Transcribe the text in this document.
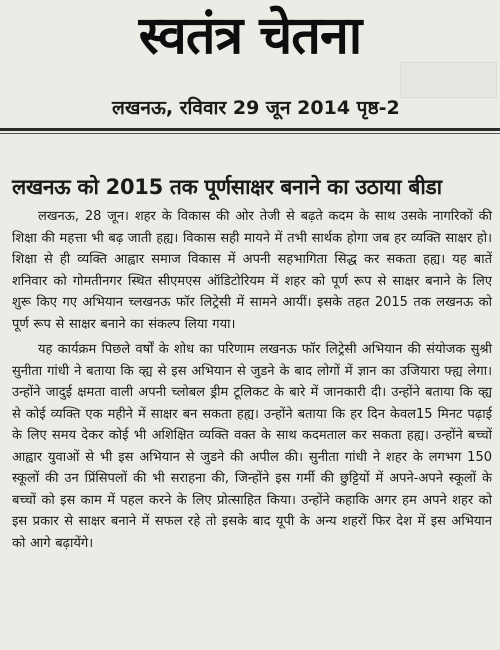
स्वतंत्र चेतना
लखनऊ, रविवार 29 जून 2014 पृष्ठ-2
लखनऊ को 2015 तक पूर्णसाक्षर बनाने का उठाया बीडा

लखनऊ, 28 जून। शहर के विकास की ओर तेजी से बढ़ते कदम के साथ उसके नागरिकों की शिक्षा की महत्ता भी बढ़ जाती हह्य। विकास सही मायने में तभी सार्थक होगा जब हर व्यक्ति साक्षर हो। शिक्षा से ही व्यक्ति आह्वार समाज विकास में अपनी सहभागिता सिद्ध कर सकता हह्य। यह बातें शनिवार को गोमतीनगर स्थित सीएमएस ऑडिटोरियम में शहर को पूर्ण रूप से साक्षर बनाने के लिए शुरू किए गए अभियान च्लखनऊ फॉर लिट्रेसी में सामने आयीं। इसके तहत 2015 तक लखनऊ को पूर्ण रूप से साक्षर बनाने का संकल्प लिया गया।

यह कार्यक्रम पिछले वर्षों के शोध का परिणाम लखनऊ फॉर लिट्रेसी अभियान की संयोजक सुश्री सुनीता गांधी ने बताया कि व्ह्य से इस अभियान से जुडने के बाद लोगों में ज्ञान का उजियारा फ्ह्य लेगा। उन्होंने जादुई क्षमता वाली अपनी च्लोबल ड्रीम टूलिकट के बारे में जानकारी दी। उन्होंने बताया कि व्ह्य से कोई व्यक्ति एक महीने में साक्षर बन सकता हह्य। उन्होंने बताया कि हर दिन केवल15 मिनट पढ़ाई के लिए समय देकर कोई भी अशिक्षित व्यक्ति वक्त के साथ कदमताल कर सकता हह्य। उन्होंने बच्चों आह्वार युवाओं से भी इस अभियान से जुडने की अपील की। सुनीता गांधी ने शहर के लगभग 150 स्कूलों की उन प्रिंसिपलों की भी सराहना की, जिन्होंने इस गर्मी की छुट्टियों में अपने-अपने स्कूलों के बच्चों को इस काम में पहल करने के लिए प्रोत्साहित किया। उन्होंने कहाकि अगर हम अपने शहर को इस प्रकार से साक्षर बनाने में सफल रहे तो इसके बाद यूपी के अन्य शहरों फिर देश में इस अभियान को आगे बढ़ायेंगे।
